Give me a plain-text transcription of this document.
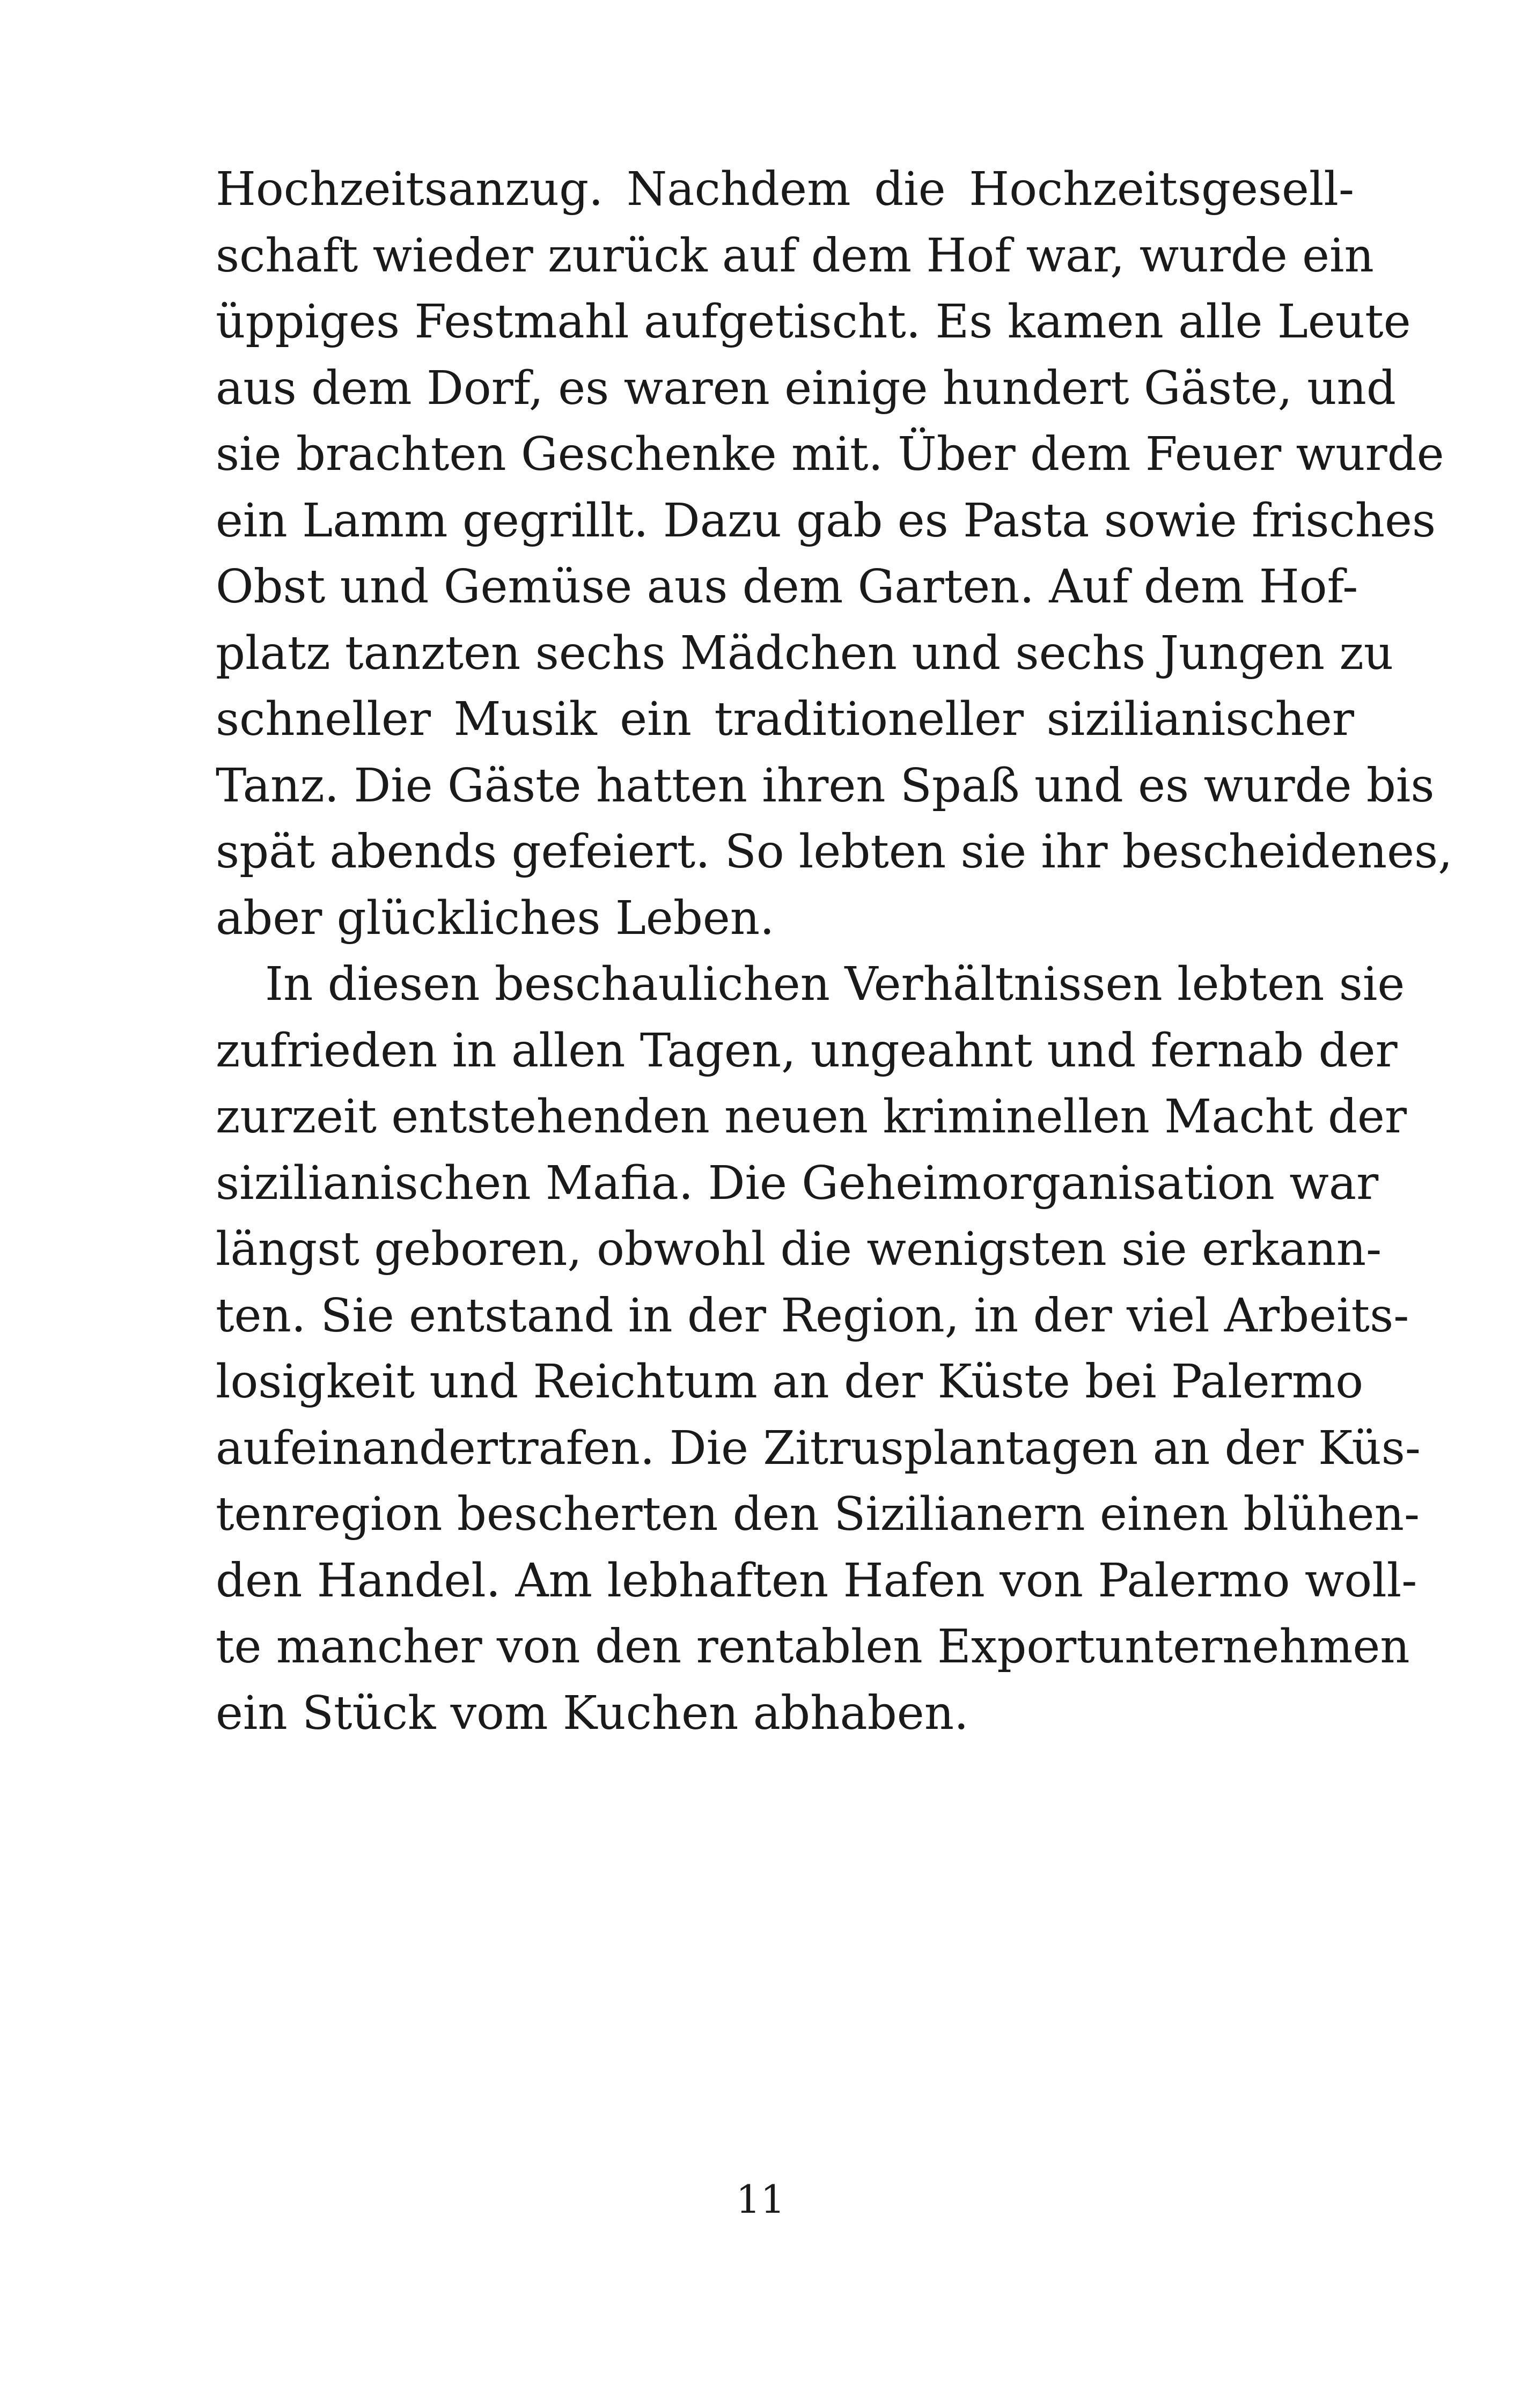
Hochzeitsanzug. Nachdem die Hochzeitsgesell-
schaft wieder zurück auf dem Hof war, wurde ein
üppiges Festmahl aufgetischt. Es kamen alle Leute
aus dem Dorf, es waren einige hundert Gäste, und
sie brachten Geschenke mit. Über dem Feuer wurde
ein Lamm gegrillt. Dazu gab es Pasta sowie frisches
Obst und Gemüse aus dem Garten. Auf dem Hof-
platz tanzten sechs Mädchen und sechs Jungen zu
schneller Musik ein traditioneller sizilianischer
Tanz. Die Gäste hatten ihren Spaß und es wurde bis
spät abends gefeiert. So lebten sie ihr bescheidenes,
aber glückliches Leben.
In diesen beschaulichen Verhältnissen lebten sie
zufrieden in allen Tagen, ungeahnt und fernab der
zurzeit entstehenden neuen kriminellen Macht der
sizilianischen Mafia. Die Geheimorganisation war
längst geboren, obwohl die wenigsten sie erkann-
ten. Sie entstand in der Region, in der viel Arbeits-
losigkeit und Reichtum an der Küste bei Palermo
aufeinandertrafen. Die Zitrusplantagen an der Küs-
tenregion bescherten den Sizilianern einen blühen-
den Handel. Am lebhaften Hafen von Palermo woll-
te mancher von den rentablen Exportunternehmen
ein Stück vom Kuchen abhaben.
11
